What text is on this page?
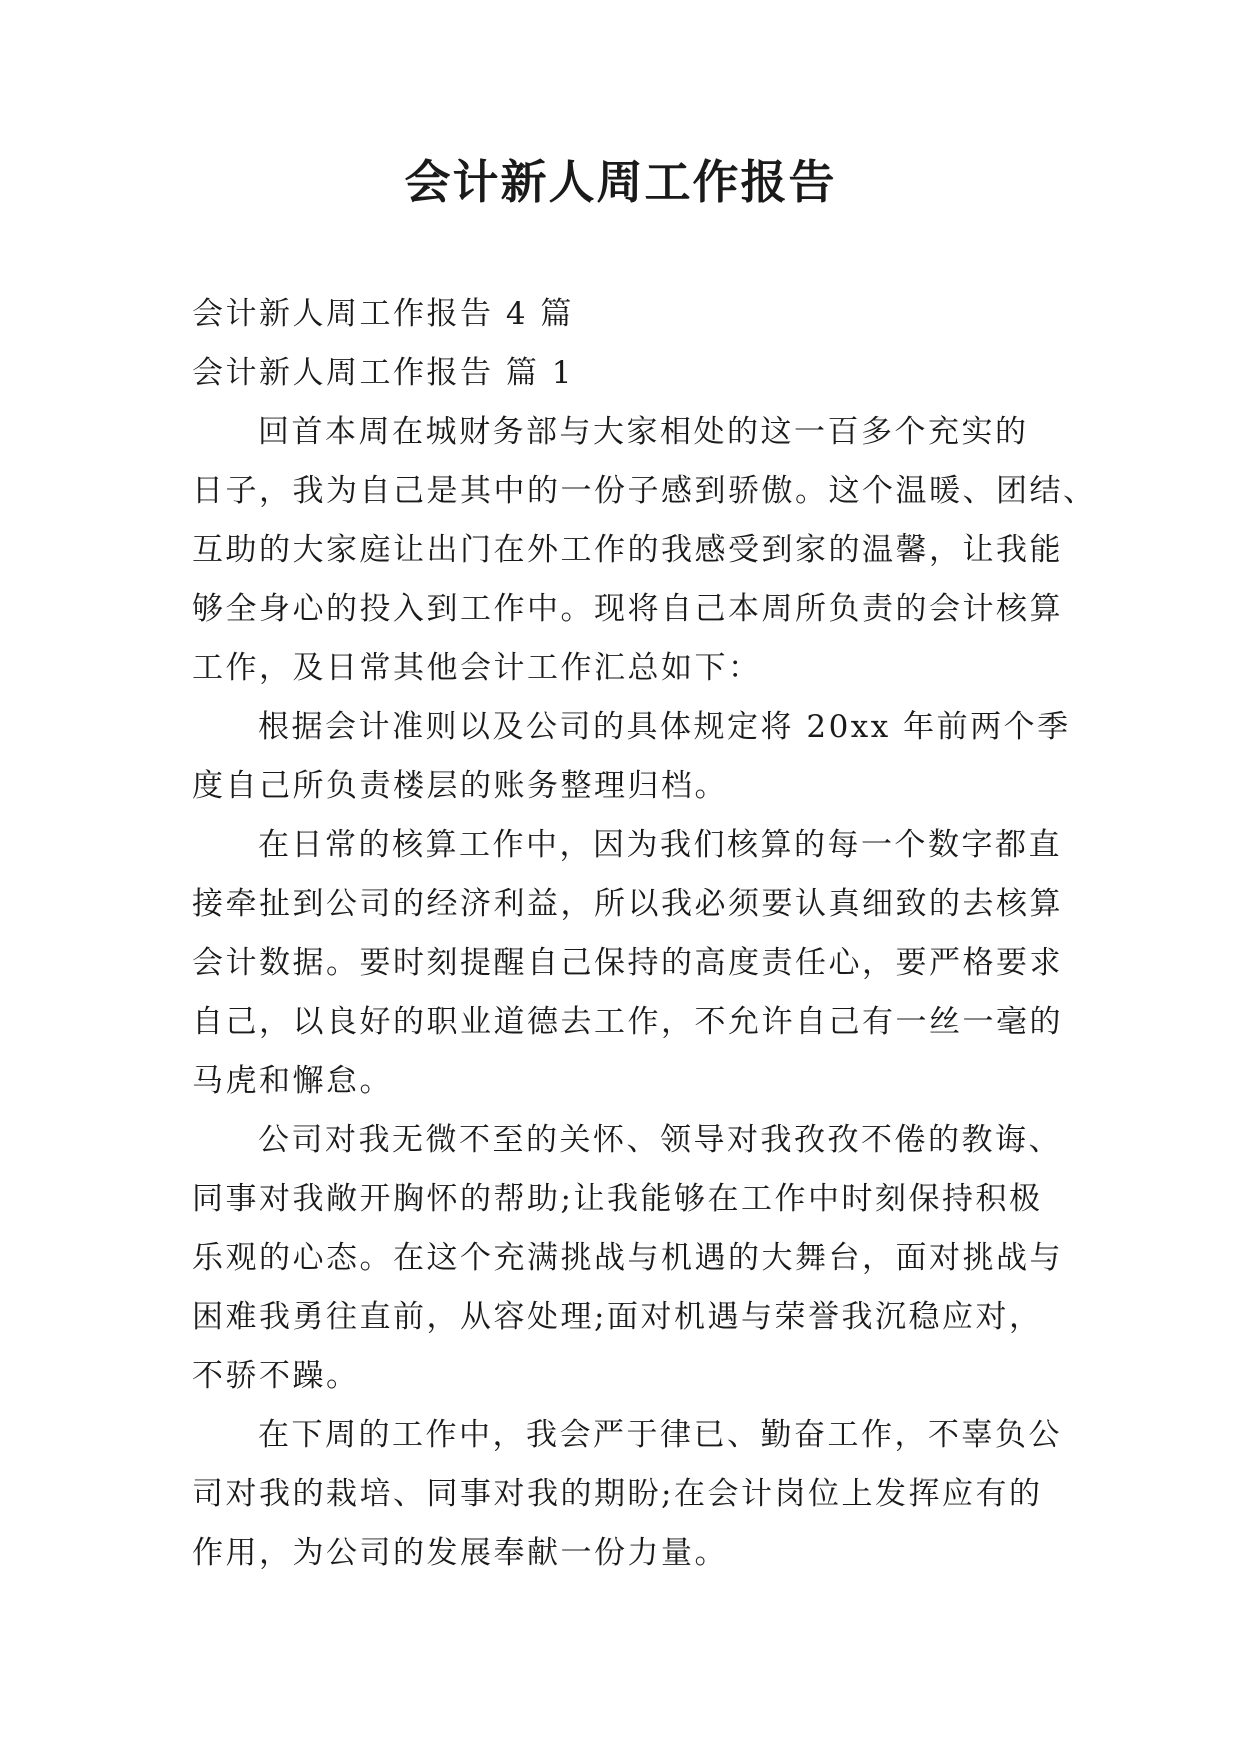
会计新人周工作报告

会计新人周工作报告 4 篇

会计新人周工作报告 篇 1

回首本周在城财务部与大家相处的这一百多个充实的

日子，我为自己是其中的一份子感到骄傲。这个温暖、团结、

互助的大家庭让出门在外工作的我感受到家的温馨，让我能

够全身心的投入到工作中。现将自己本周所负责的会计核算

工作，及日常其他会计工作汇总如下：

根据会计准则以及公司的具体规定将 20xx 年前两个季

度自己所负责楼层的账务整理归档。

在日常的核算工作中，因为我们核算的每一个数字都直

接牵扯到公司的经济利益，所以我必须要认真细致的去核算

会计数据。要时刻提醒自己保持的高度责任心，要严格要求

自己，以良好的职业道德去工作，不允许自己有一丝一毫的

马虎和懈怠。

公司对我无微不至的关怀、领导对我孜孜不倦的教诲、

同事对我敞开胸怀的帮助;让我能够在工作中时刻保持积极

乐观的心态。在这个充满挑战与机遇的大舞台，面对挑战与

困难我勇往直前，从容处理;面对机遇与荣誉我沉稳应对，

不骄不躁。

在下周的工作中，我会严于律已、勤奋工作，不辜负公

司对我的栽培、同事对我的期盼;在会计岗位上发挥应有的

作用，为公司的发展奉献一份力量。
